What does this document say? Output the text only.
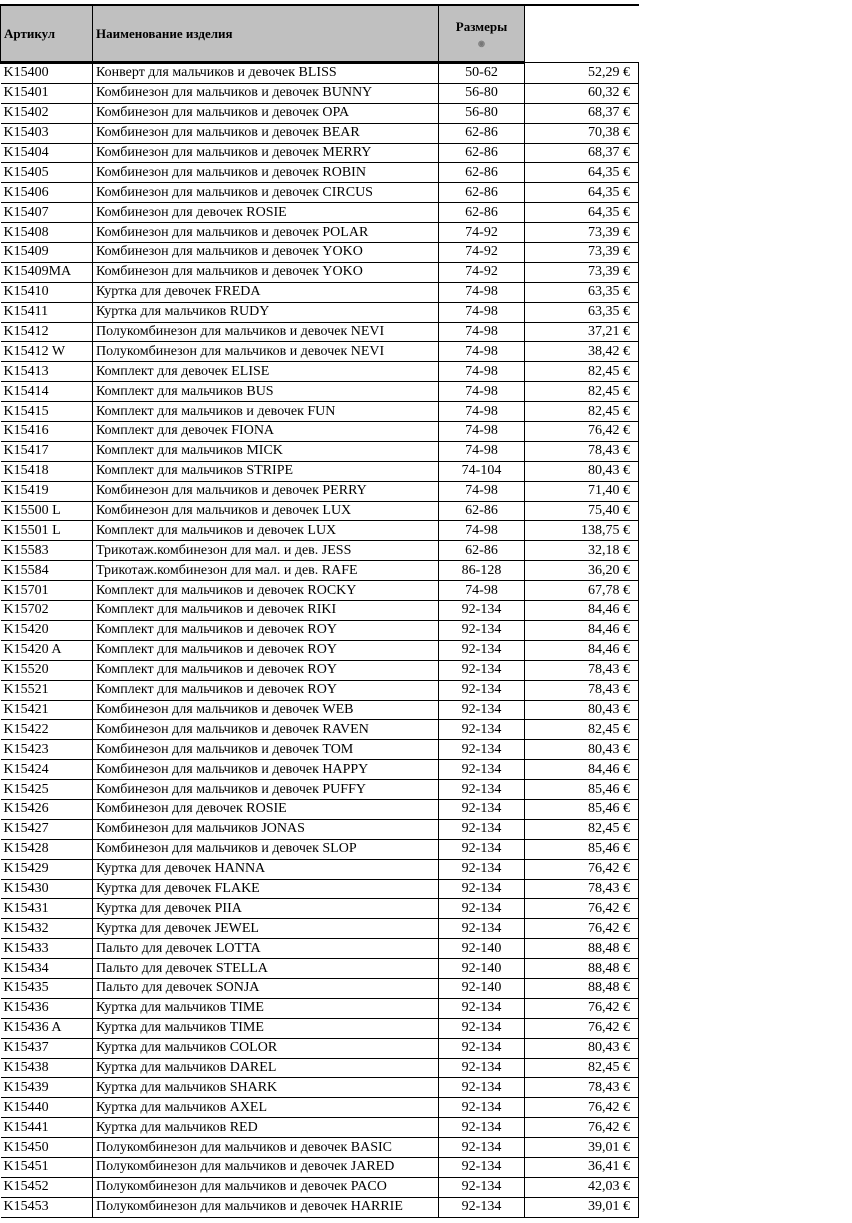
Артикул	Наименование изделия	Размеры
◉	

K15400	Конверт для мальчиков и девочек BLISS	50-62	52,29 €
K15401	Комбинезон для мальчиков и девочек BUNNY	56-80	60,32 €
K15402	Комбинезон для мальчиков и девочек OPA	56-80	68,37 €
K15403	Комбинезон для мальчиков и девочек BEAR	62-86	70,38 €
K15404	Комбинезон для мальчиков и девочек MERRY	62-86	68,37 €
K15405	Комбинезон для мальчиков и девочек ROBIN	62-86	64,35 €
K15406	Комбинезон для мальчиков и девочек CIRCUS	62-86	64,35 €
K15407	Комбинезон для девочек ROSIE	62-86	64,35 €
K15408	Комбинезон для мальчиков и девочек POLAR	74-92	73,39 €
K15409	Комбинезон для мальчиков и девочек YOKO	74-92	73,39 €
K15409MA	Комбинезон для мальчиков и девочек YOKO	74-92	73,39 €
K15410	Куртка для девочек FREDA	74-98	63,35 €
K15411	Куртка для мальчиков RUDY	74-98	63,35 €
K15412	Полукомбинезон для мальчиков и девочек NEVI	74-98	37,21 €
K15412 W	Полукомбинезон для мальчиков и девочек NEVI	74-98	38,42 €
K15413	Комплект для девочек ELISE	74-98	82,45 €
K15414	Комплект для мальчиков BUS	74-98	82,45 €
K15415	Комплект для мальчиков и девочек FUN	74-98	82,45 €
K15416	Комплект для девочек FIONA	74-98	76,42 €
K15417	Комплект для мальчиков MICK	74-98	78,43 €
K15418	Комплект для мальчиков STRIPE	74-104	80,43 €
K15419	Комбинезон для мальчиков и девочек PERRY	74-98	71,40 €
K15500 L	Комбинезон для мальчиков и девочек LUX	62-86	75,40 €
K15501 L	Комплект для мальчиков и девочек LUX	74-98	138,75 €
K15583	Трикотаж.комбинезон для мал. и дев. JESS	62-86	32,18 €
K15584	Трикотаж.комбинезон для мал. и дев. RAFE	86-128	36,20 €
K15701	Комплект для мальчиков и девочек ROCKY	74-98	67,78 €
K15702	Комплект для мальчиков и девочек RIKI	92-134	84,46 €
K15420	Комплект для мальчиков и девочек ROY	92-134	84,46 €
K15420 A	Комплект для мальчиков и девочек ROY	92-134	84,46 €
K15520	Комплект для мальчиков и девочек ROY	92-134	78,43 €
K15521	Комплект для мальчиков и девочек ROY	92-134	78,43 €
K15421	Комбинезон для мальчиков и девочек WEB	92-134	80,43 €
K15422	Комбинезон для мальчиков и девочек RAVEN	92-134	82,45 €
K15423	Комбинезон для мальчиков и девочек TOM	92-134	80,43 €
K15424	Комбинезон для мальчиков и девочек HAPPY	92-134	84,46 €
K15425	Комбинезон для мальчиков и девочек PUFFY	92-134	85,46 €
K15426	Комбинезон для девочек ROSIE	92-134	85,46 €
K15427	Комбинезон для мальчиков JONAS	92-134	82,45 €
K15428	Комбинезон для мальчиков и девочек SLOP	92-134	85,46 €
K15429	Куртка для девочек HANNA	92-134	76,42 €
K15430	Куртка для девочек FLAKE	92-134	78,43 €
K15431	Куртка для девочек PIIA	92-134	76,42 €
K15432	Куртка для девочек JEWEL	92-134	76,42 €
K15433	Пальто для девочек LOTTA	92-140	88,48 €
K15434	Пальто для девочек STELLA	92-140	88,48 €
K15435	Пальто для девочек SONJA	92-140	88,48 €
K15436	Куртка для мальчиков TIME	92-134	76,42 €
K15436 A	Куртка для мальчиков TIME	92-134	76,42 €
K15437	Куртка для мальчиков COLOR	92-134	80,43 €
K15438	Куртка для мальчиков DAREL	92-134	82,45 €
K15439	Куртка для мальчиков SHARK	92-134	78,43 €
K15440	Куртка для мальчиков AXEL	92-134	76,42 €
K15441	Куртка для мальчиков RED	92-134	76,42 €
K15450	Полукомбинезон для мальчиков и девочек BASIC	92-134	39,01 €
K15451	Полукомбинезон для мальчиков и девочек JARED	92-134	36,41 €
K15452	Полукомбинезон для мальчиков и девочек PACO	92-134	42,03 €
K15453	Полукомбинезон для мальчиков и девочек HARRIE	92-134	39,01 €
